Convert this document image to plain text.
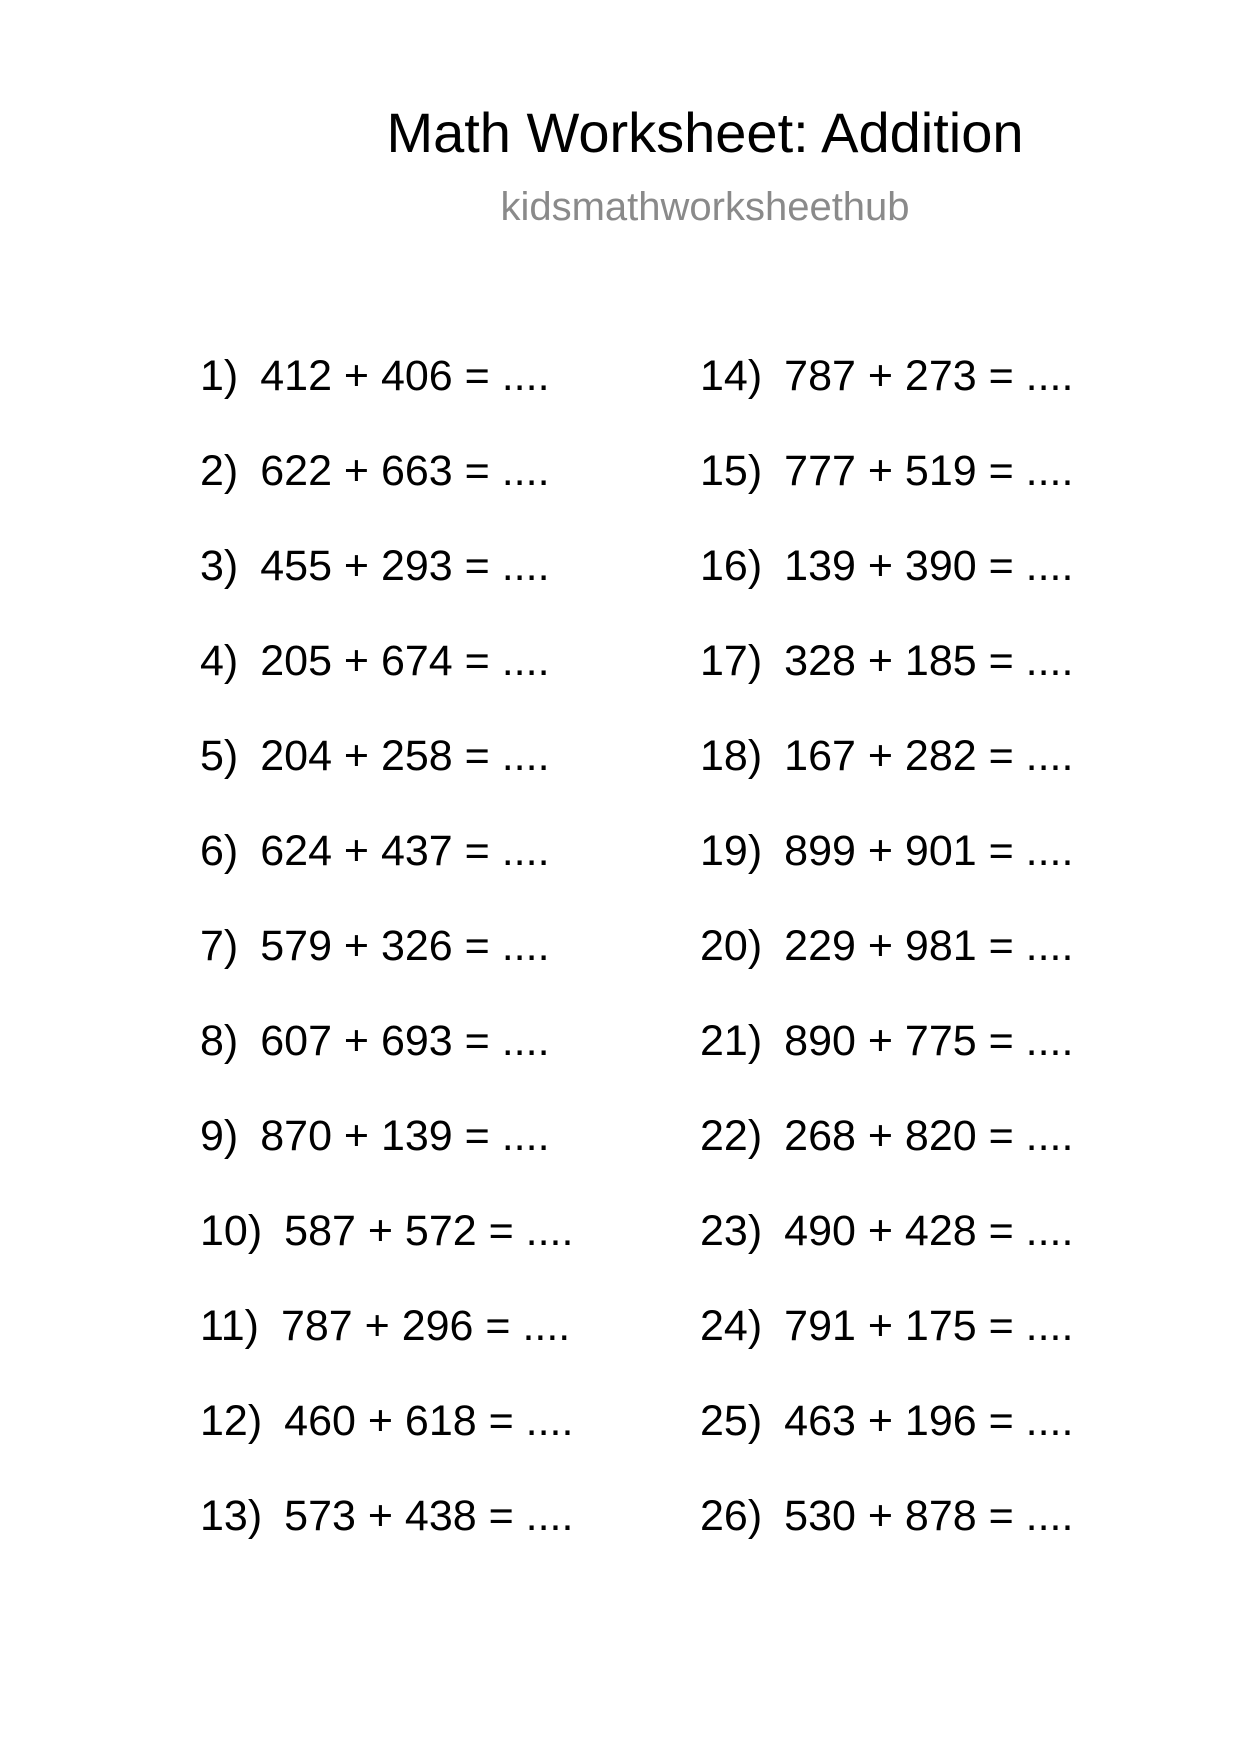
Math Worksheet: Addition
kidsmathworksheethub
1) 412 + 406 = ....
2) 622 + 663 = ....
3) 455 + 293 = ....
4) 205 + 674 = ....
5) 204 + 258 = ....
6) 624 + 437 = ....
7) 579 + 326 = ....
8) 607 + 693 = ....
9) 870 + 139 = ....
10) 587 + 572 = ....
11) 787 + 296 = ....
12) 460 + 618 = ....
13) 573 + 438 = ....
14) 787 + 273 = ....
15) 777 + 519 = ....
16) 139 + 390 = ....
17) 328 + 185 = ....
18) 167 + 282 = ....
19) 899 + 901 = ....
20) 229 + 981 = ....
21) 890 + 775 = ....
22) 268 + 820 = ....
23) 490 + 428 = ....
24) 791 + 175 = ....
25) 463 + 196 = ....
26) 530 + 878 = ....
